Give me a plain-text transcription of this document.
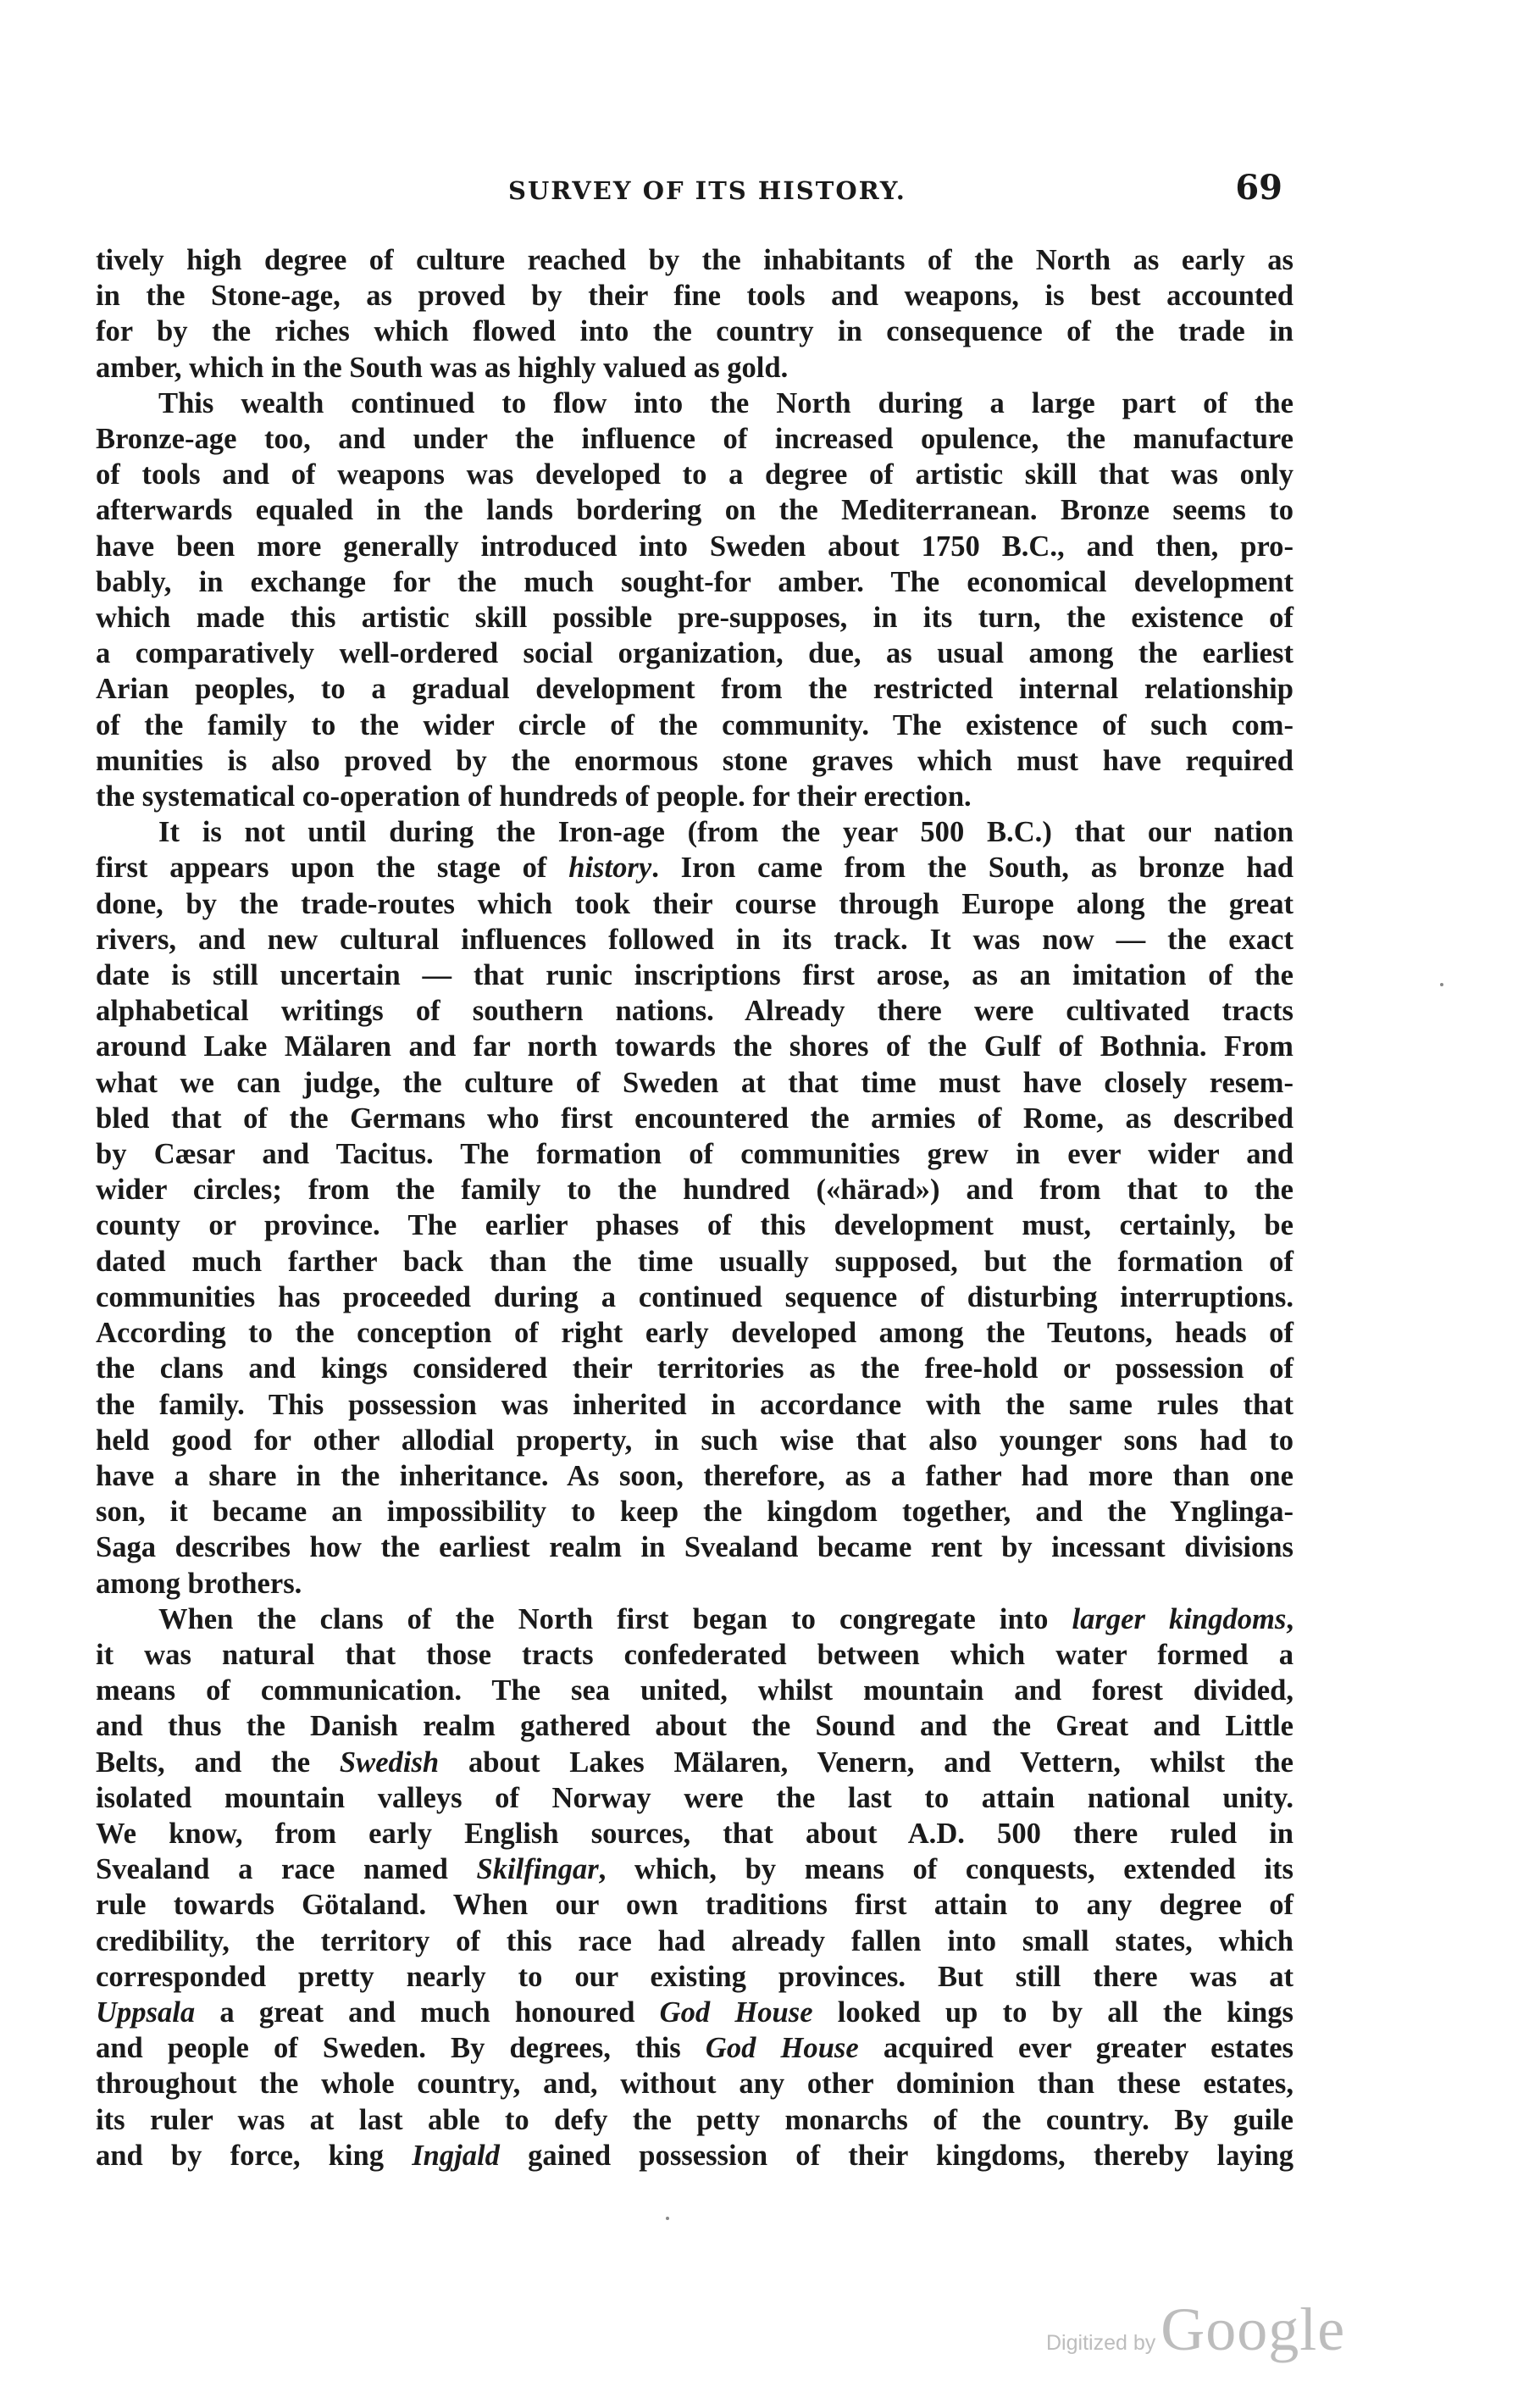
SURVEY OF ITS HISTORY.	69
tively high degree of culture reached by the inhabitants of the North as early as
in the Stone-age, as proved by their fine tools and weapons, is best accounted
for by the riches which flowed into the country in consequence of the trade in
amber, which in the South was as highly valued as gold.
This wealth continued to flow into the North during a large part of the
Bronze-age too, and under the influence of increased opulence, the manufacture
of tools and of weapons was developed to a degree of artistic skill that was only
afterwards equaled in the lands bordering on the Mediterranean. Bronze seems to
have been more generally introduced into Sweden about 1750 B.C., and then, pro-
bably, in exchange for the much sought-for amber. The economical development
which made this artistic skill possible pre-supposes, in its turn, the existence of
a comparatively well-ordered social organization, due, as usual among the earliest
Arian peoples, to a gradual development from the restricted internal relationship
of the family to the wider circle of the community. The existence of such com-
munities is also proved by the enormous stone graves which must have required
the systematical co-operation of hundreds of people. for their erection.
It is not until during the Iron-age (from the year 500 B.C.) that our nation
first appears upon the stage of history. Iron came from the South, as bronze had
done, by the trade-routes which took their course through Europe along the great
rivers, and new cultural influences followed in its track. It was now — the exact
date is still uncertain — that runic inscriptions first arose, as an imitation of the
alphabetical writings of southern nations. Already there were cultivated tracts
around Lake Mälaren and far north towards the shores of the Gulf of Bothnia. From
what we can judge, the culture of Sweden at that time must have closely resem-
bled that of the Germans who first encountered the armies of Rome, as described
by Cæsar and Tacitus. The formation of communities grew in ever wider and
wider circles; from the family to the hundred («härad») and from that to the
county or province. The earlier phases of this development must, certainly, be
dated much farther back than the time usually supposed, but the formation of
communities has proceeded during a continued sequence of disturbing interruptions.
According to the conception of right early developed among the Teutons, heads of
the clans and kings considered their territories as the free-hold or possession of
the family. This possession was inherited in accordance with the same rules that
held good for other allodial property, in such wise that also younger sons had to
have a share in the inheritance. As soon, therefore, as a father had more than one
son, it became an impossibility to keep the kingdom together, and the Ynglinga-
Saga describes how the earliest realm in Svealand became rent by incessant divisions
among brothers.
When the clans of the North first began to congregate into larger kingdoms,
it was natural that those tracts confederated between which water formed a
means of communication. The sea united, whilst mountain and forest divided,
and thus the Danish realm gathered about the Sound and the Great and Little
Belts, and the Swedish about Lakes Mälaren, Venern, and Vettern, whilst the
isolated mountain valleys of Norway were the last to attain national unity.
We know, from early English sources, that about A.D. 500 there ruled in
Svealand a race named Skilfingar, which, by means of conquests, extended its
rule towards Götaland. When our own traditions first attain to any degree of
credibility, the territory of this race had already fallen into small states, which
corresponded pretty nearly to our existing provinces. But still there was at
Uppsala a great and much honoured God House looked up to by all the kings
and people of Sweden. By degrees, this God House acquired ever greater estates
throughout the whole country, and, without any other dominion than these estates,
its ruler was at last able to defy the petty monarchs of the country. By guile
and by force, king Ingjald gained possession of their kingdoms, thereby laying
Digitized by Google
